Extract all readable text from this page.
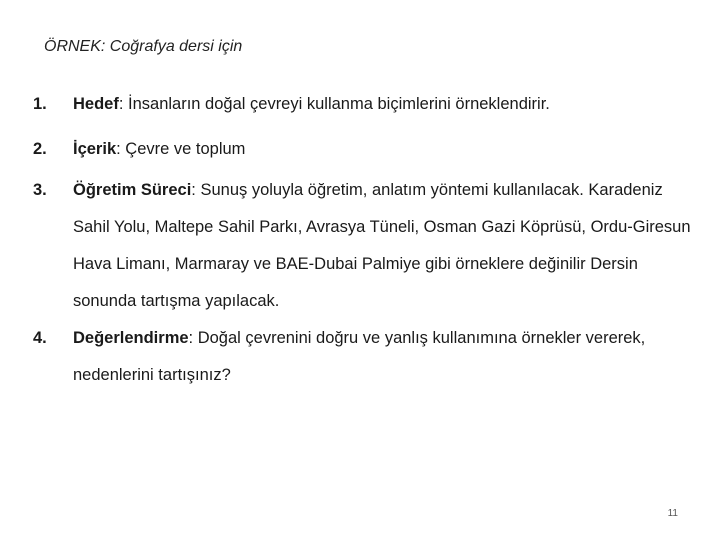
ÖRNEK: Coğrafya dersi için
1. Hedef: İnsanların doğal çevreyi kullanma biçimlerini örneklendirir.
2. İçerik: Çevre ve toplum
3. Öğretim Süreci: Sunuş yoluyla öğretim, anlatım yöntemi kullanılacak. Karadeniz Sahil Yolu, Maltepe Sahil Parkı, Avrasya Tüneli, Osman Gazi Köprüsü, Ordu-Giresun Hava Limanı, Marmaray ve BAE-Dubai Palmiye gibi örneklere değinilir Dersin sonunda tartışma yapılacak.
4. Değerlendirme: Doğal çevrenini doğru ve yanlış kullanımına örnekler vererek, nedenlerini tartışınız?
11
